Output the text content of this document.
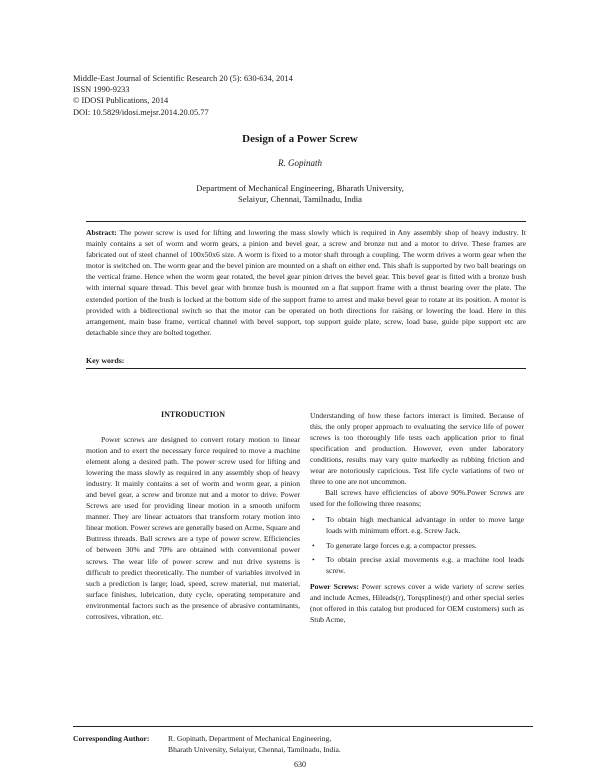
Middle-East Journal of Scientific Research 20 (5): 630-634, 2014
ISSN 1990-9233
© IDOSI Publications, 2014
DOI: 10.5829/idosi.mejsr.2014.20.05.77
Design of a Power Screw
R. Gopinath
Department of Mechanical Engineering, Bharath University,
Selaiyur, Chennai, Tamilnadu, India
Abstract: The power screw is used for lifting and lowering the mass slowly which is required in Any assembly shop of heavy industry. It mainly contains a set of worm and worm gears, a pinion and bevel gear, a screw and bronze nut and a motor to drive. These frames are fabricated out of steel channel of 100x50x6 size. A worm is fixed to a motor shaft through a coupling. The worm drives a worm gear when the motor is switched on. The worm gear and the bevel pinion are mounted on a shaft on either end. This shaft is supported by two ball bearings on the vertical frame. Hence when the worm gear rotated, the bevel gear pinion drives the bevel gear. This bevel gear is fitted with a bronze bush with internal square thread. This bevel gear with bronze bush is mounted on a flat support frame with a thrust bearing over the plate. The extended portion of the bush is locked at the bottom side of the support frame to arrest and make bevel gear to rotate at its position. A motor is provided with a bidirectional switch so that the motor can be operated on both directions for raising or lowering the load. Here in this arrangement, main base frame, vertical channel with bevel support, top support guide plate, screw, load base, guide pipe support etc are detachable since they are bolted together.
Key words:
INTRODUCTION

Power screws are designed to convert rotary motion to linear motion and to exert the necessary force required to move a machine element along a desired path. The power screw used for lifting and lowering the mass slowly as required in any assembly shop of heavy industry. It mainly contains a set of worm and worm gear, a pinion and bevel gear, a screw and bronze nut and a motor to drive. Power Screws are used for providing linear motion in a smooth uniform manner. They are linear actuators that transform rotary motion into linear motion. Power screws are generally based on Acme, Square and Buttress threads. Ball screws are a type of power screw. Efficiencies of between 30% and 70% are obtained with conventional power screws. The wear life of power screw and nut drive systems is difficult to predict theoretically. The number of variables involved in such a prediction is large; load, speed, screw material, nut material, surface finishes, lubrication, duty cycle, operating temperature and environmental factors such as the presence of abrasive contaminants, corrosives, vibration, etc.

Understanding of how these factors interact is limited. Because of this, the only proper approach to evaluating the service life of power screws is too thoroughly life tests each application prior to final specification and production. However, even under laboratory conditions, results may vary quite markedly as rubbing friction and wear are notoriously capricious. Test life cycle variations of two or three to one are not uncommon.

Ball screws have efficiencies of above 90%.Power Screws are used for the following three reasons;

• To obtain high mechanical advantage in order to move large loads with minimum effort. e.g. Screw Jack.
• To generate large forces e.g. a compactor presses.
• To obtain precise axial movements e.g. a machine tool leads screw.

Power Screws: Power screws cover a wide variety of screw series and include Acmes, Hileads(r), Torqsplines(r) and other special series (not offered in this catalog but produced for OEM customers) such as Stub Acme,

Corresponding Author: R. Gopinath, Department of Mechanical Engineering,
Bharath University, Selaiyur, Chennai, Tamilnadu, India.
630
